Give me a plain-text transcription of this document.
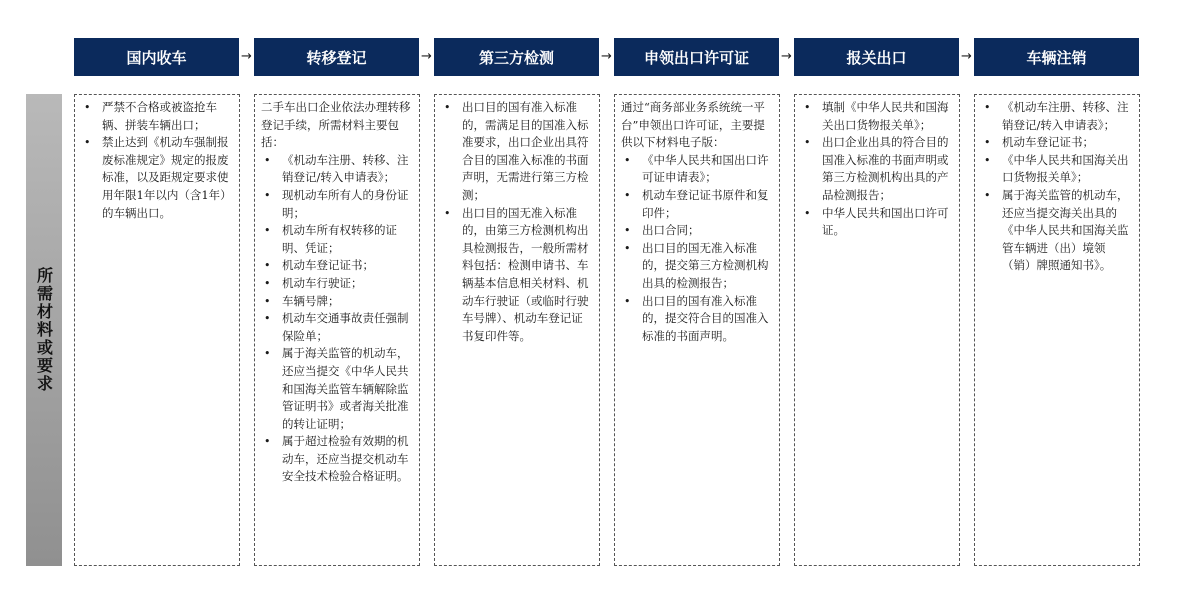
国内收车	→	转移登记	→	第三方检测	→	申领出口许可证	→	报关出口	→	车辆注销
所需材料或要求
• 严禁不合格或被盗抢车辆、拼装车辆出口；
• 禁止达到《机动车强制报废标准规定》规定的报废标准，以及距规定要求使用年限1年以内（含1年）的车辆出口。

二手车出口企业依法办理转移登记手续，所需材料主要包括：

• 《机动车注册、转移、注销登记/转入申请表》；
• 现机动车所有人的身份证明；
• 机动车所有权转移的证明、凭证；
• 机动车登记证书；
• 机动车行驶证；
• 车辆号牌；
• 机动车交通事故责任强制保险单；
• 属于海关监管的机动车，还应当提交《中华人民共和国海关监管车辆解除监管证明书》或者海关批准的转让证明；
• 属于超过检验有效期的机动车，还应当提交机动车安全技术检验合格证明。
• 出口目的国有准入标准的，需满足目的国准入标准要求，出口企业出具符合目的国准入标准的书面声明，无需进行第三方检测；
• 出口目的国无准入标准的，由第三方检测机构出具检测报告，一般所需材料包括：检测申请书、车辆基本信息相关材料、机动车行驶证（或临时行驶车号牌）、机动车登记证书复印件等。

通过“商务部业务系统统一平台”申领出口许可证，主要提供以下材料电子版：

• 《中华人民共和国出口许可证申请表》；
• 机动车登记证书原件和复印件；
• 出口合同；
• 出口目的国无准入标准的，提交第三方检测机构出具的检测报告；
• 出口目的国有准入标准的，提交符合目的国准入标准的书面声明。
• 填制《中华人民共和国海关出口货物报关单》；
• 出口企业出具的符合目的国准入标准的书面声明或第三方检测机构出具的产品检测报告；
• 中华人民共和国出口许可证。
• 《机动车注册、转移、注销登记/转入申请表》；
• 机动车登记证书；
• 《中华人民共和国海关出口货物报关单》；
• 属于海关监管的机动车，还应当提交海关出具的《中华人民共和国海关监管车辆进（出）境领（销）牌照通知书》。
